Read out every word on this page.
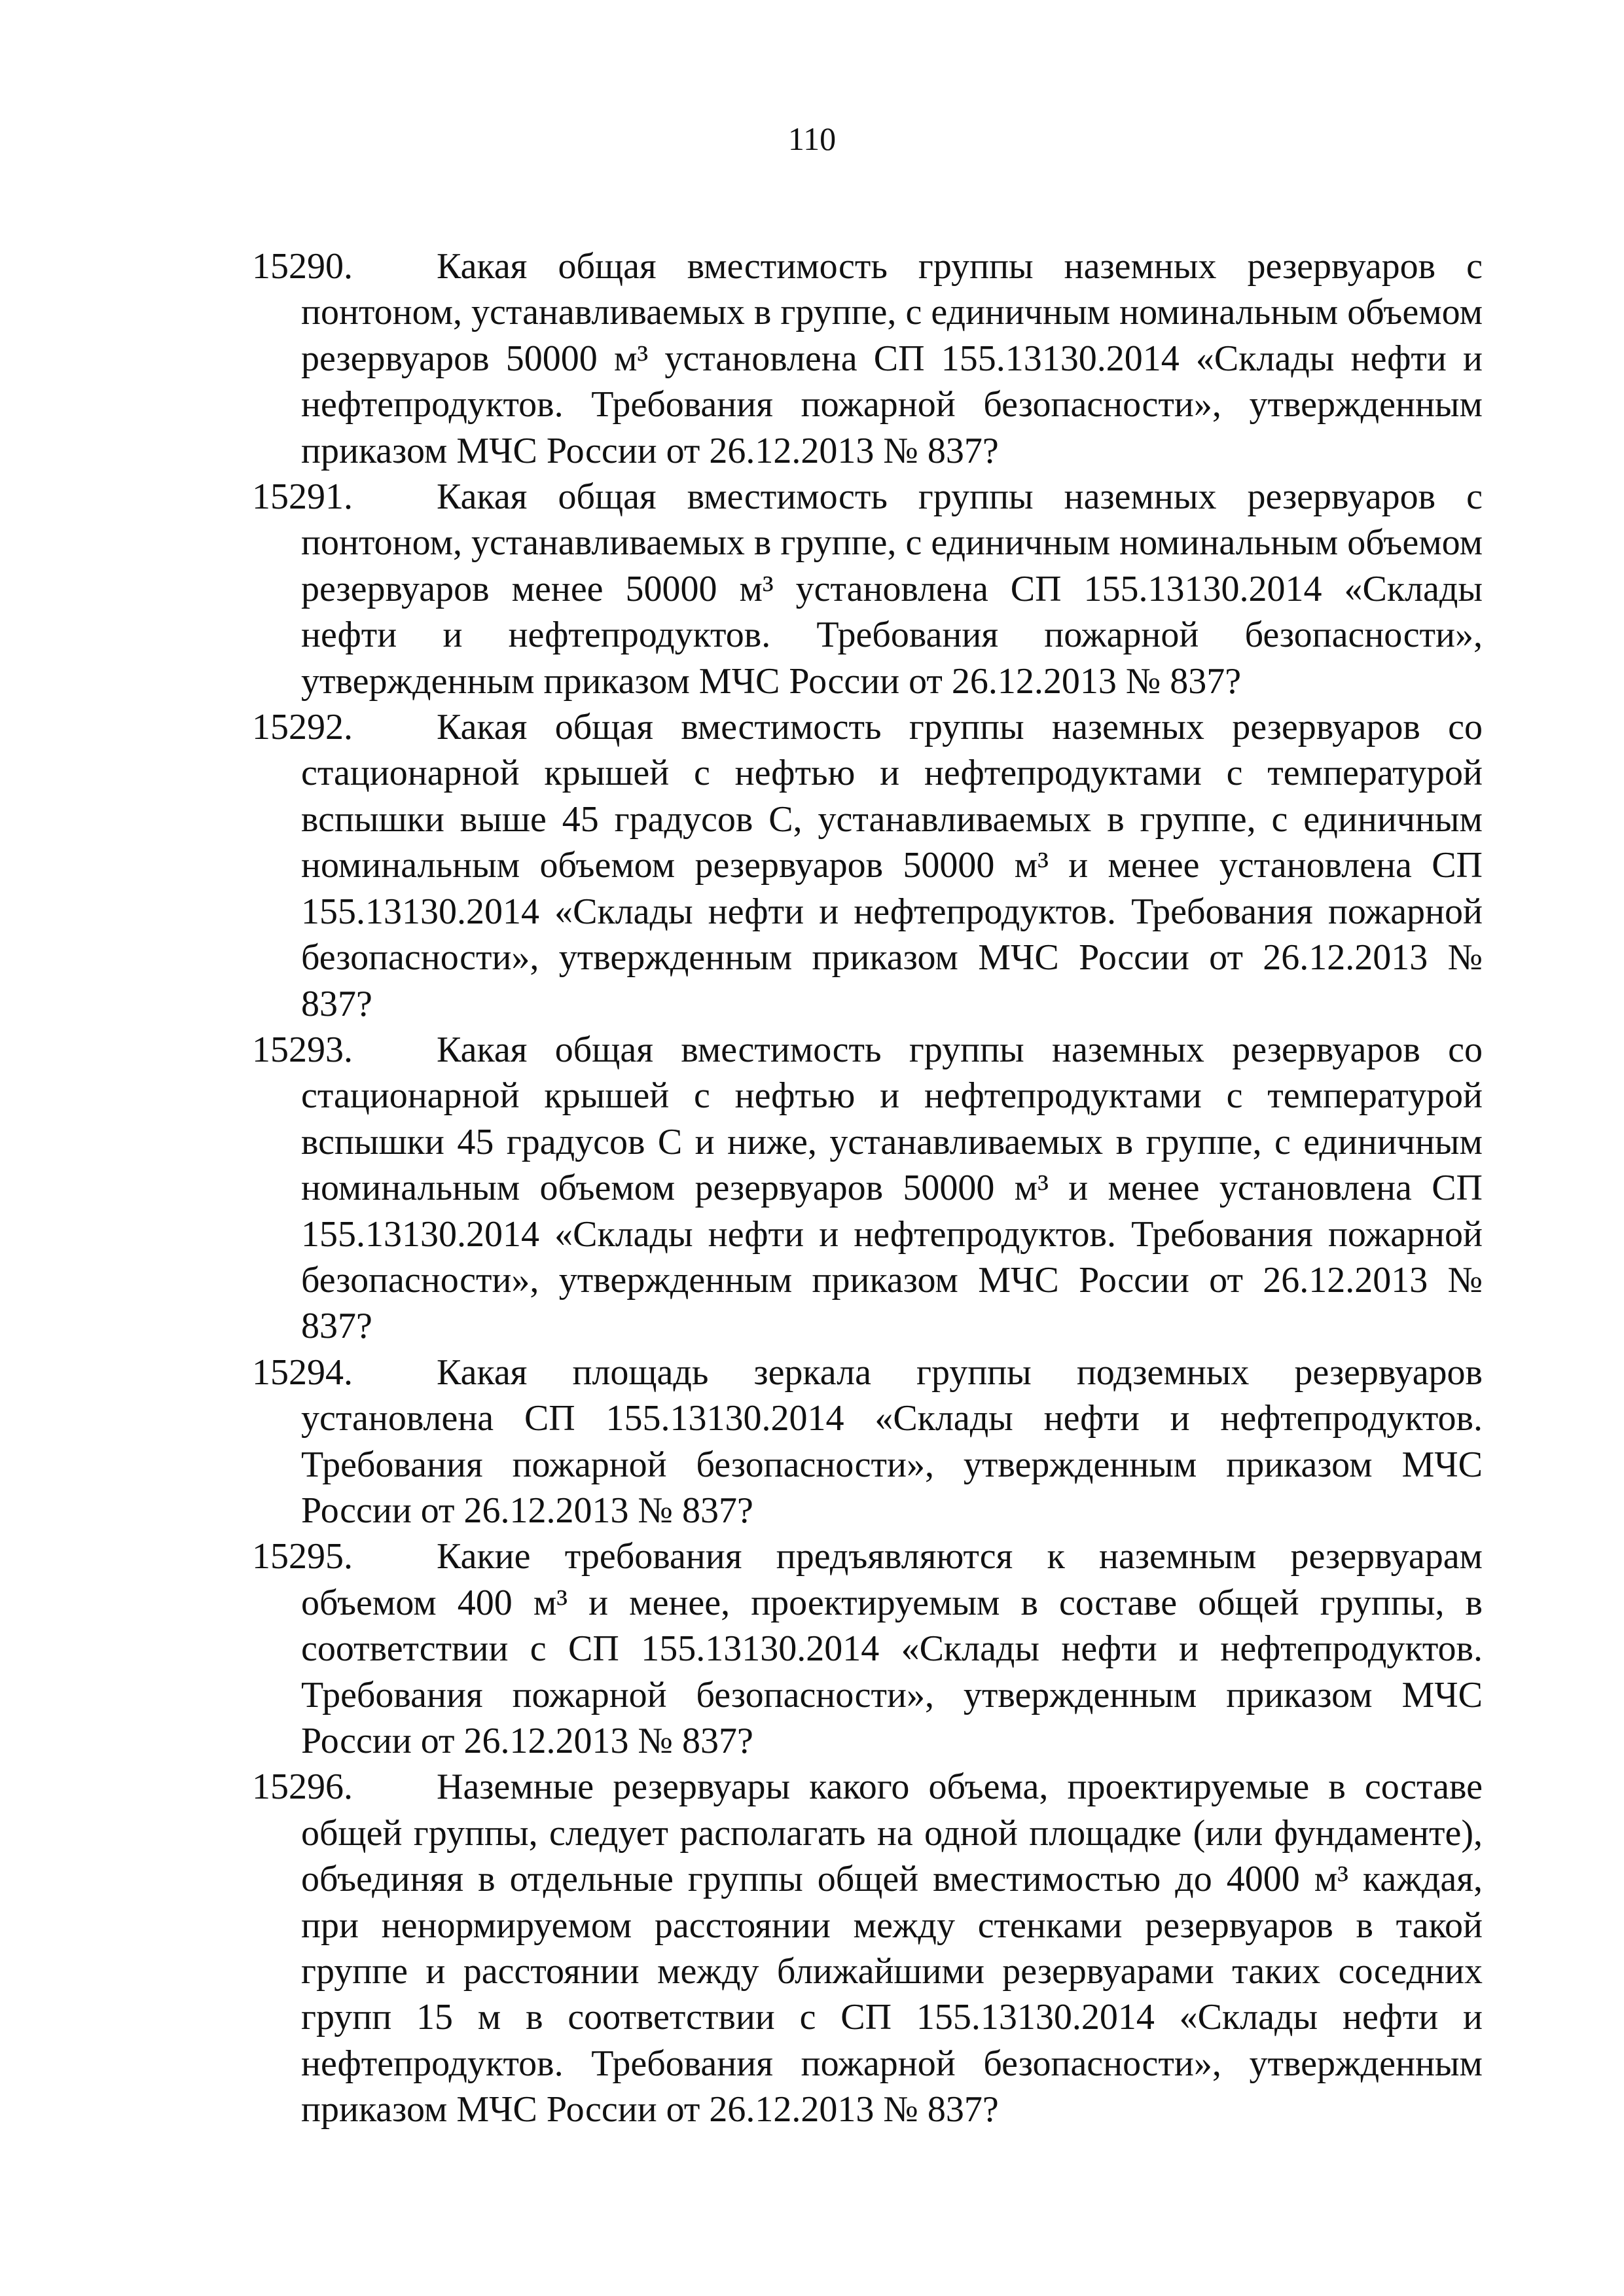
110
15290.	Какая общая вместимость группы наземных резервуаров с понтоном, устанавливаемых в группе, с единичным номинальным объемом резервуаров 50000 м³ установлена СП 155.13130.2014 «Склады нефти и нефтепродуктов. Требования пожарной безопасности», утвержденным приказом МЧС России от 26.12.2013 № 837?
15291.	Какая общая вместимость группы наземных резервуаров с понтоном, устанавливаемых в группе, с единичным номинальным объемом резервуаров менее 50000 м³ установлена СП 155.13130.2014 «Склады нефти и нефтепродуктов. Требования пожарной безопасности», утвержденным приказом МЧС России от 26.12.2013 № 837?
15292.	Какая общая вместимость группы наземных резервуаров со стационарной крышей с нефтью и нефтепродуктами с температурой вспышки выше 45 градусов С, устанавливаемых в группе, с единичным номинальным объемом резервуаров 50000 м³ и менее установлена СП 155.13130.2014 «Склады нефти и нефтепродуктов. Требования пожарной безопасности», утвержденным приказом МЧС России от 26.12.2013 № 837?
15293.	Какая общая вместимость группы наземных резервуаров со стационарной крышей с нефтью и нефтепродуктами с температурой вспышки 45 градусов С и ниже, устанавливаемых в группе, с единичным номинальным объемом резервуаров 50000 м³ и менее установлена СП 155.13130.2014 «Склады нефти и нефтепродуктов. Требования пожарной безопасности», утвержденным приказом МЧС России от 26.12.2013 № 837?
15294.	Какая площадь зеркала группы подземных резервуаров установлена СП 155.13130.2014 «Склады нефти и нефтепродуктов. Требования пожарной безопасности», утвержденным приказом МЧС России от 26.12.2013 № 837?
15295.	Какие требования предъявляются к наземным резервуарам объемом 400 м³ и менее, проектируемым в составе общей группы, в соответствии с СП 155.13130.2014 «Склады нефти и нефтепродуктов. Требования пожарной безопасности», утвержденным приказом МЧС России от 26.12.2013 № 837?
15296.	Наземные резервуары какого объема, проектируемые в составе общей группы, следует располагать на одной площадке (или фундаменте), объединяя в отдельные группы общей вместимостью до 4000 м³ каждая, при ненормируемом расстоянии между стенками резервуаров в такой группе и расстоянии между ближайшими резервуарами таких соседних групп 15 м в соответствии с СП 155.13130.2014 «Склады нефти и нефтепродуктов. Требования пожарной безопасности», утвержденным приказом МЧС России от 26.12.2013 № 837?
